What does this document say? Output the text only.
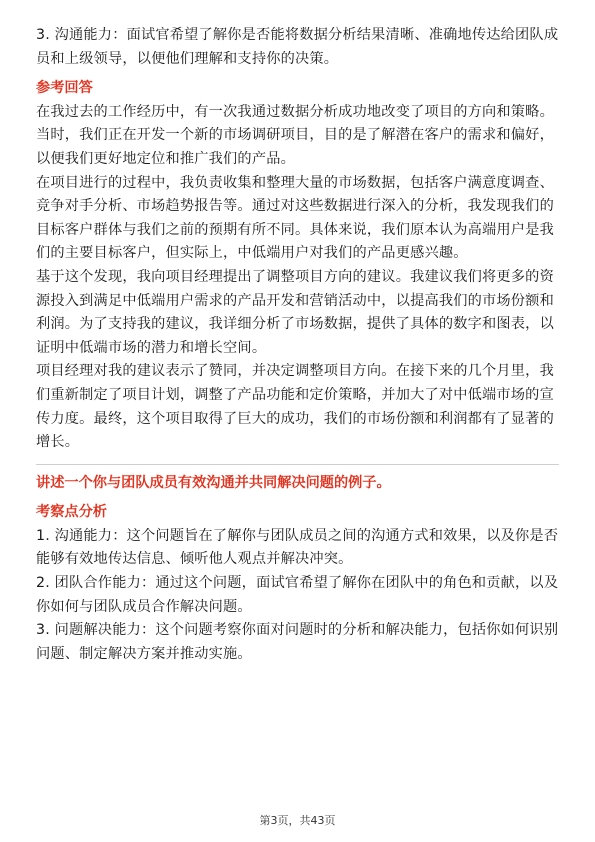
3. 沟通能力：面试官希望了解你是否能将数据分析结果清晰、准确地传达给团队成员和上级领导，以便他们理解和支持你的决策。

参考回答

在我过去的工作经历中，有一次我通过数据分析成功地改变了项目的方向和策略。当时，我们正在开发一个新的市场调研项目，目的是了解潜在客户的需求和偏好，以便我们更好地定位和推广我们的产品。

在项目进行的过程中，我负责收集和整理大量的市场数据，包括客户满意度调查、竞争对手分析、市场趋势报告等。通过对这些数据进行深入的分析，我发现我们的目标客户群体与我们之前的预期有所不同。具体来说，我们原本认为高端用户是我们的主要目标客户，但实际上，中低端用户对我们的产品更感兴趣。

基于这个发现，我向项目经理提出了调整项目方向的建议。我建议我们将更多的资源投入到满足中低端用户需求的产品开发和营销活动中，以提高我们的市场份额和利润。为了支持我的建议，我详细分析了市场数据，提供了具体的数字和图表，以证明中低端市场的潜力和增长空间。

项目经理对我的建议表示了赞同，并决定调整项目方向。在接下来的几个月里，我们重新制定了项目计划，调整了产品功能和定价策略，并加大了对中低端市场的宣传力度。最终，这个项目取得了巨大的成功，我们的市场份额和利润都有了显著的增长。

讲述一个你与团队成员有效沟通并共同解决问题的例子。
考察点分析

1. 沟通能力：这个问题旨在了解你与团队成员之间的沟通方式和效果，以及你是否能够有效地传达信息、倾听他人观点并解决冲突。

2. 团队合作能力：通过这个问题，面试官希望了解你在团队中的角色和贡献，以及你如何与团队成员合作解决问题。

3. 问题解决能力：这个问题考察你面对问题时的分析和解决能力，包括你如何识别问题、制定解决方案并推动实施。

第3页，共43页
